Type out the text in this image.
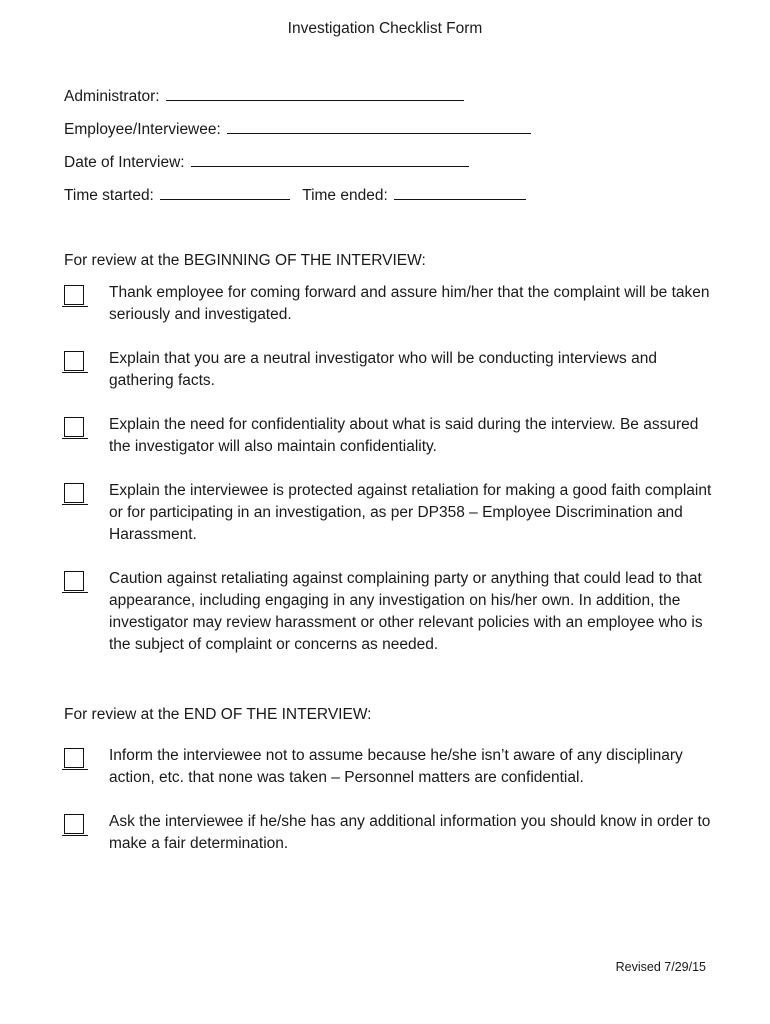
Investigation Checklist Form
Administrator:
Employee/Interviewee:
Date of Interview:
Time started:	Time ended:
For review at the BEGINNING OF THE INTERVIEW:
Thank employee for coming forward and assure him/her that the complaint will be taken seriously and investigated.
Explain that you are a neutral investigator who will be conducting interviews and gathering facts.
Explain the need for confidentiality about what is said during the interview. Be assured the investigator will also maintain confidentiality.
Explain the interviewee is protected against retaliation for making a good faith complaint or for participating in an investigation, as per DP358 – Employee Discrimination and Harassment.
Caution against retaliating against complaining party or anything that could lead to that appearance, including engaging in any investigation on his/her own. In addition, the investigator may review harassment or other relevant policies with an employee who is the subject of complaint or concerns as needed.
For review at the END OF THE INTERVIEW:
Inform the interviewee not to assume because he/she isn’t aware of any disciplinary action, etc. that none was taken – Personnel matters are confidential.
Ask the interviewee if he/she has any additional information you should know in order to make a fair determination.
Revised 7/29/15
